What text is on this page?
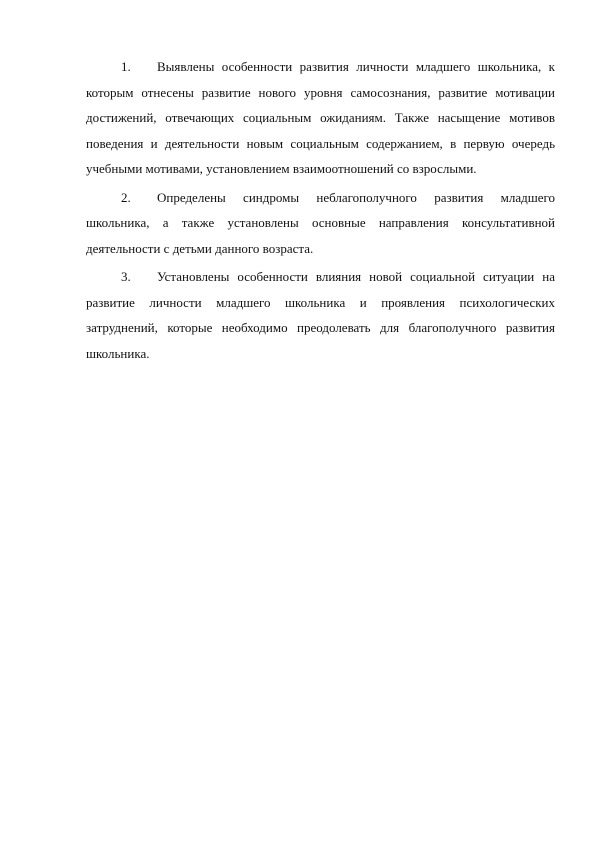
1. Выявлены особенности развития личности младшего школьника, к которым отнесены развитие нового уровня самосознания, развитие мотивации достижений, отвечающих социальным ожиданиям. Также насыщение мотивов поведения и деятельности новым социальным содержанием, в первую очередь учебными мотивами, установлением взаимоотношений со взрослыми.

2. Определены синдромы неблагополучного развития младшего школьника, а также установлены основные направления консультативной деятельности с детьми данного возраста.

3. Установлены особенности влияния новой социальной ситуации на развитие личности младшего школьника и проявления психологических затруднений, которые необходимо преодолевать для благополучного развития школьника.
